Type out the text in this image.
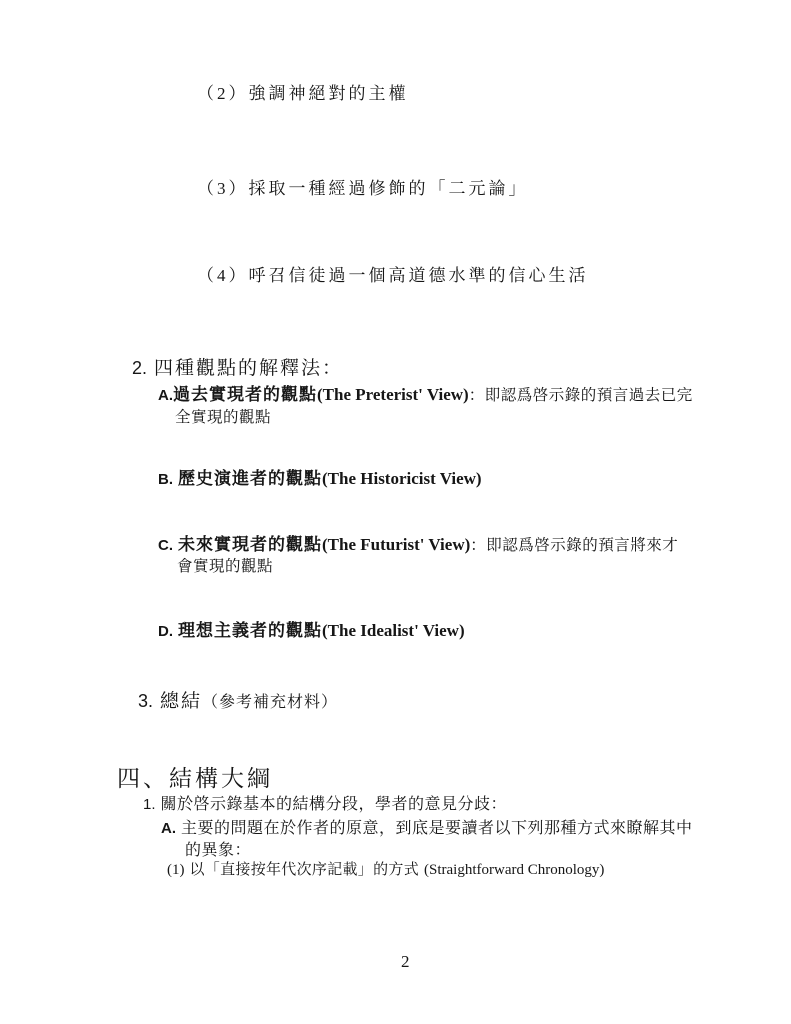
（2）強調神絕對的主權
（3）採取一種經過修飾的「二元論」
（4）呼召信徒過一個高道德水準的信心生活
2. 四種觀點的解釋法：
A.過去實現者的觀點(The Preterist' View)：即認爲啓示錄的預言過去已完
全實現的觀點
B. 歷史演進者的觀點(The Historicist View)
C. 未來實現者的觀點(The Futurist' View)：即認爲啓示錄的預言將來才
會實現的觀點
D. 理想主義者的觀點(The Idealist' View)
3. 總結（參考補充材料）
四、結構大綱
1. 關於啓示錄基本的結構分段，學者的意見分歧：
A. 主要的問題在於作者的原意，到底是要讀者以下列那種方式來瞭解其中
的異象：
(1) 以「直接按年代次序記載」的方式 (Straightforward Chronology)
2
